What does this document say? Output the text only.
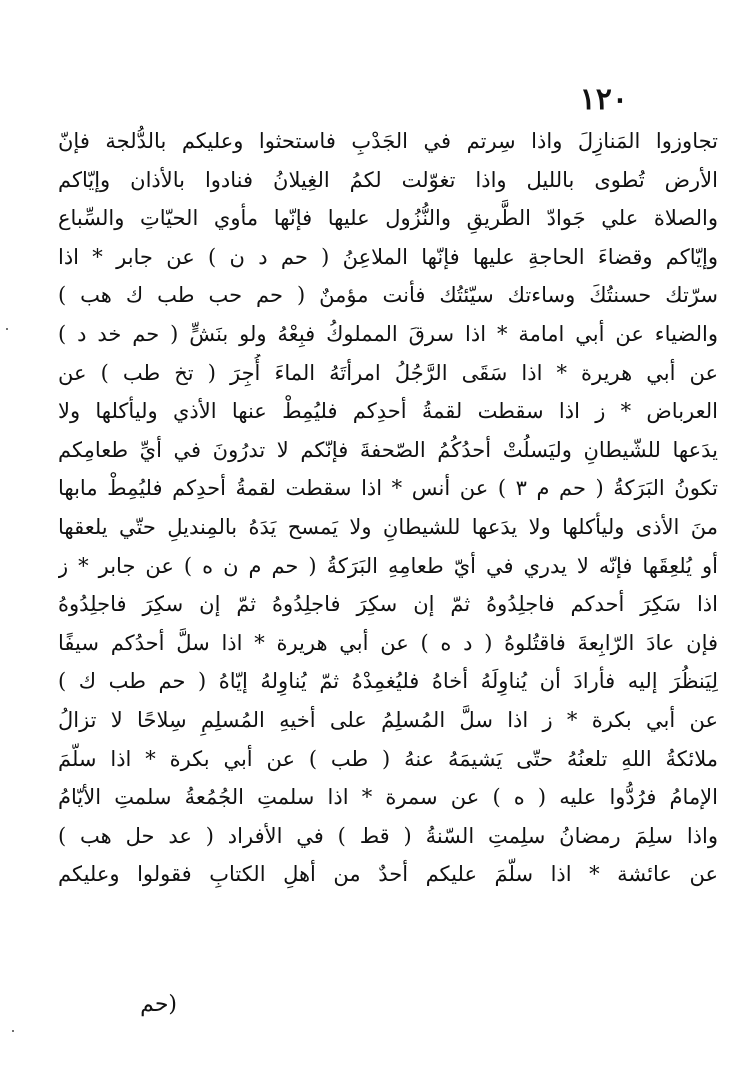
١٢٠
تجاوزوا المَنازِلَ واذا سِرتم في الجَدْبِ فاستحثوا وعليكم بالدُّلجة فإنّ
الأرض تُطوى بالليل واذا تغوّلت لكمُ الغِيلانُ فنادوا بالأذان وإيّاكم
والصلاة علي جَوادّ الطَّريقِ والنُّزُول عليها فإنّها مأوي الحيّاتِ والسِّباع
وإيّاكم وقضاءَ الحاجةِ عليها فإنّها الملاعِنُ ( حم د ن ) عن جابر * اذا
سرّتك حسنتُكَ وساءتك سيّئتُك فأنت مؤمنٌ ( حم حب طب ك هب )
والضياء عن أبي امامة * اذا سرقَ المملوكُ فبِعْهُ ولو بنَشٍّ ( حم خد د )
عن أبي هريرة * اذا سَقَى الرَّجُلُ امرأتَهُ الماءَ أُجِرَ ( تخ طب ) عن
العرباض * ز اذا سقطت لقمةُ أحدِكم فليُمِطْ عنها الأذي وليأكلها ولا
يدَعها للشّيطانِ وليَسلُتْ أحدُكُمُ الصّحفةَ فإنّكم لا تدرُونَ في أيِّ طعامِكم
تكونُ البَرَكةُ ( حم م ٣ ) عن أنس * اذا سقطت لقمةُ أحدِكم فليُمِطْ مابها
منَ الأذى وليأكلها ولا يدَعها للشيطانِ ولا يَمسح يَدَهُ بالمِنديلِ حتّي يلعقها
أو يُلعِقَها فإنّه لا يدري في أيّ طعامِهِ البَرَكةُ ( حم م ن ه ) عن جابر * ز
اذا سَكِرَ أحدكم فاجلِدُوهُ ثمّ إن سكِرَ فاجلِدُوهُ ثمّ إن سكِرَ فاجلِدُوهُ
فإن عادَ الرّابِعةَ فاقتُلوهُ ( د ه ) عن أبي هريرة * اذا سلَّ أحدُكم سيفًا
لِيَنظُرَ إليه فأرادَ أن يُناوِلَهُ أخاهُ فليُغمِدْهُ ثمّ يُناوِلهُ إيّاهُ ( حم طب ك )
عن أبي بكرة * ز اذا سلَّ المُسلِمُ على أخيهِ المُسلِمِ سِلاحًا لا تزالُ
ملائكةُ اللهِ تلعنُهُ حتّى يَشيمَهُ عنهُ ( طب ) عن أبي بكرة * اذا سلّمَ
الإمامُ فرُدُّوا عليه ( ه ) عن سمرة * اذا سلمتِ الجُمُعةُ سلمتِ الأيّامُ
واذا سلِمَ رمضانُ سلِمتِ السّنةُ ( قط ) في الأفراد ( عد حل هب )
عن عائشة * اذا سلّمَ عليكم أحدٌ من أهلِ الكتابِ فقولوا وعليكم
(حم
